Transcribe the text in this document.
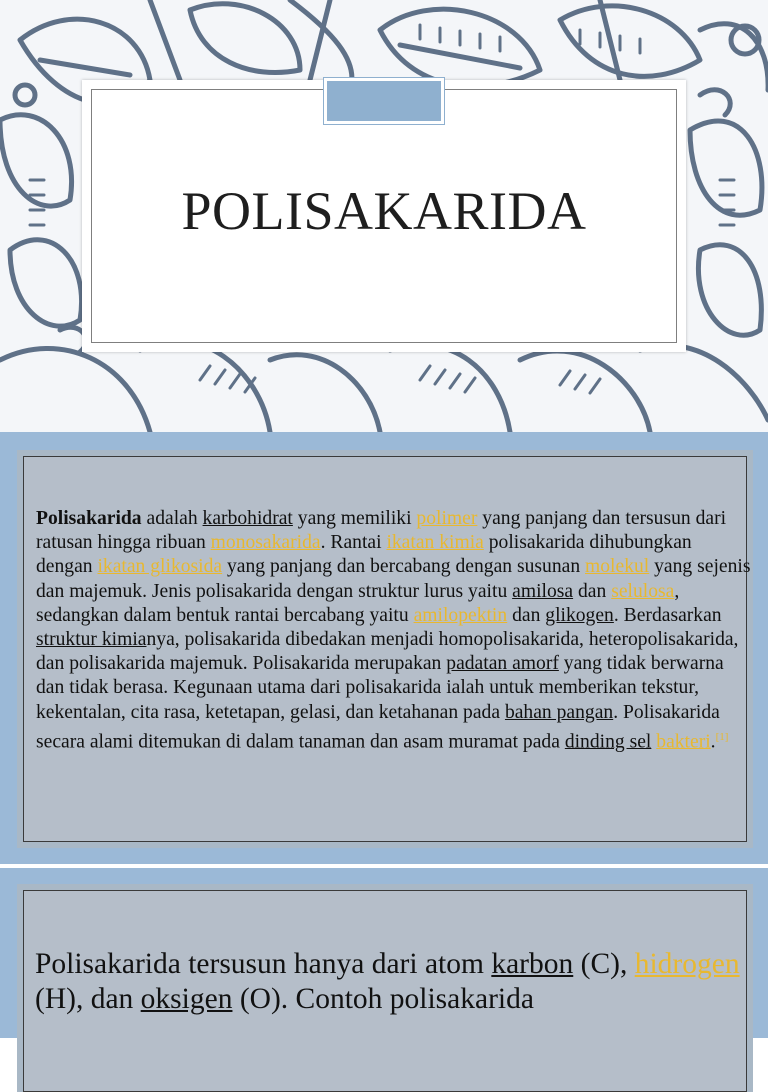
POLISAKARIDA
Polisakarida adalah karbohidrat yang memiliki polimer yang panjang dan tersusun dari ratusan hingga ribuan monosakarida. Rantai ikatan kimia polisakarida dihubungkan dengan ikatan glikosida yang panjang dan bercabang dengan susunan molekul yang sejenis dan majemuk. Jenis polisakarida dengan struktur lurus yaitu amilosa dan selulosa, sedangkan dalam bentuk rantai bercabang yaitu amilopektin dan glikogen. Berdasarkan struktur kimianya, polisakarida dibedakan menjadi homopolisakarida, heteropolisakarida, dan polisakarida majemuk. Polisakarida merupakan padatan amorf yang tidak berwarna dan tidak berasa. Kegunaan utama dari polisakarida ialah untuk memberikan tekstur, kekentalan, cita rasa, ketetapan, gelasi, dan ketahanan pada bahan pangan. Polisakarida secara alami ditemukan di dalam tanaman dan asam muramat pada dinding sel bakteri.[1]
Polisakarida tersusun hanya dari atom karbon (C), hidrogen (H), dan oksigen (O). Contoh polisakarida
